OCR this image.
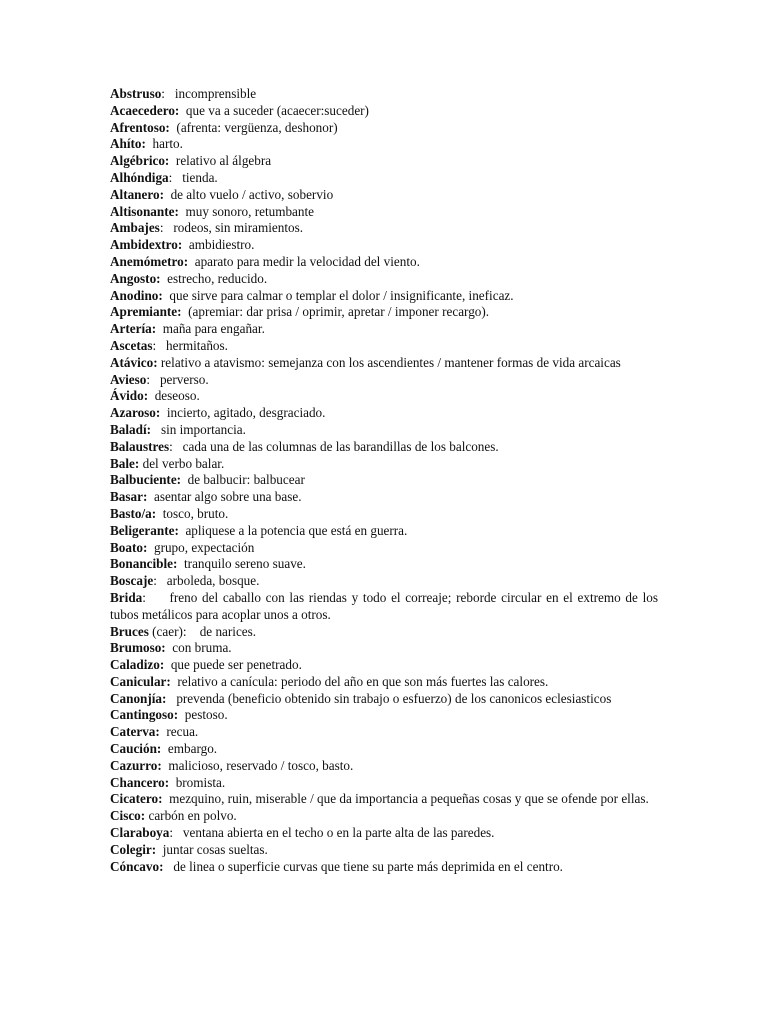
Abstruso:   incomprensible

Acaecedero:  que va a suceder (acaecer:suceder)

Afrentoso:  (afrenta: vergüenza, deshonor)

Ahíto:  harto.

Algébrico:  relativo al álgebra

Alhóndiga:   tienda.

Altanero:  de alto vuelo / activo, sobervio

Altisonante:  muy sonoro, retumbante

Ambajes:   rodeos, sin miramientos.

Ambidextro:  ambidiestro.

Anemómetro:  aparato para medir la velocidad del viento.

Angosto:  estrecho, reducido.

Anodino:  que sirve para calmar o templar el dolor / insignificante, ineficaz.

Apremiante:  (apremiar: dar prisa / oprimir, apretar / imponer recargo).

Artería:  maña para engañar.

Ascetas:   hermitaños.

Atávico: relativo a atavismo: semejanza con los ascendientes / mantener formas de vida arcaicas

Avieso:   perverso.

Ávido:  deseoso.

Azaroso:  incierto, agitado, desgraciado.

Baladí:   sin importancia.

Balaustres:   cada una de las columnas de las barandillas de los balcones.

Bale: del verbo balar.

Balbuciente:  de balbucir: balbucear

Basar:  asentar algo sobre una base.

Basto/a:  tosco, bruto.

Beligerante:  apliquese a la potencia que está en guerra.

Boato:  grupo, expectación

Bonancible:  tranquilo sereno suave.

Boscaje:   arboleda, bosque.

Brida:     freno del caballo con las riendas y todo el correaje; reborde circular en el extremo de los tubos metálicos para acoplar unos a otros.

Bruces (caer):    de narices.

Brumoso:  con bruma.

Caladizo:  que puede ser penetrado.

Canicular:  relativo a canícula: periodo del año en que son más fuertes las calores.

Canonjía:   prevenda (beneficio obtenido sin trabajo o esfuerzo) de los canonicos eclesiasticos

Cantingoso:  pestoso.

Caterva:  recua.

Caución:  embargo.

Cazurro:  malicioso, reservado / tosco, basto.

Chancero:  bromista.

Cicatero:  mezquino, ruin, miserable / que da importancia a pequeñas cosas y que se ofende por ellas.

Cisco: carbón en polvo.

Claraboya:   ventana abierta en el techo o en la parte alta de las paredes.

Colegir:  juntar cosas sueltas.

Cóncavo:   de linea o superficie curvas que tiene su parte más deprimida en el centro.
